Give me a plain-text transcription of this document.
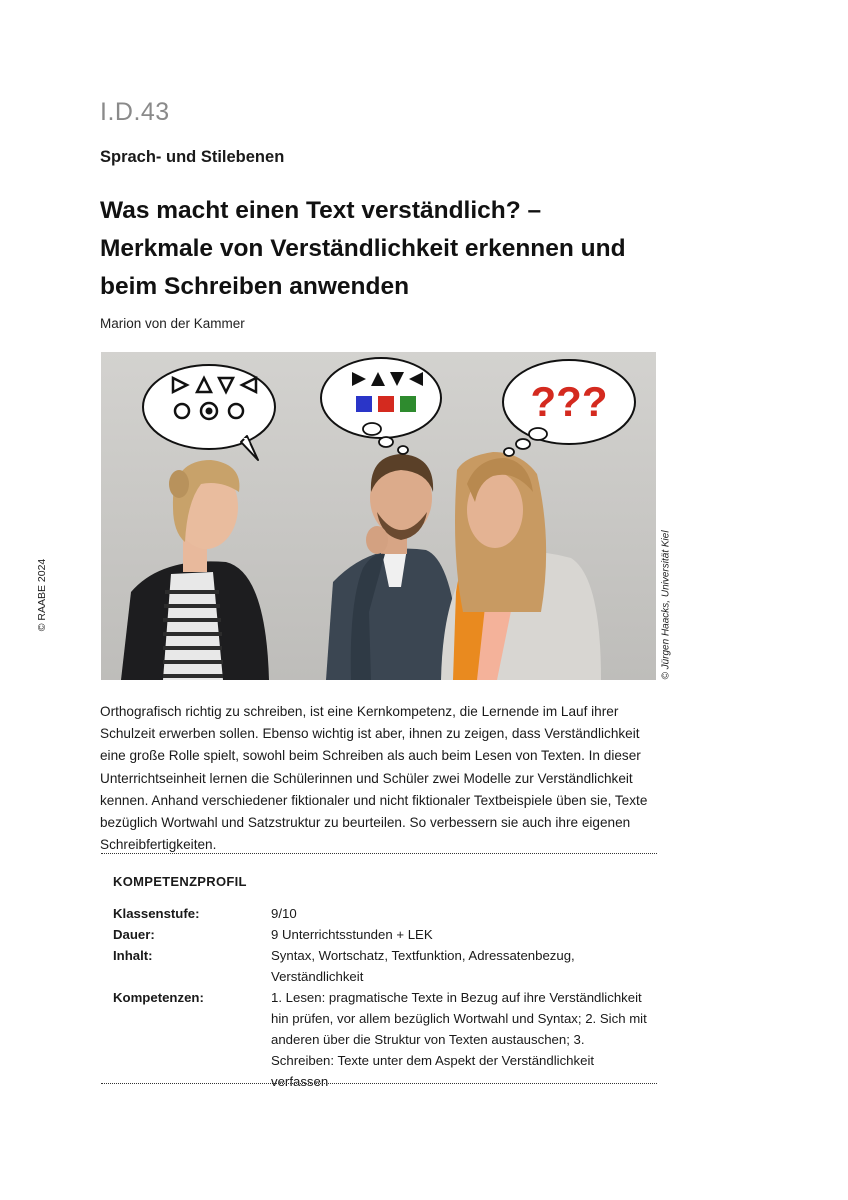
I.D.43
Sprach- und Stilebenen
Was macht einen Text verständlich? –
Merkmale von Verständlichkeit erkennen und
beim Schreiben anwenden
Marion von der Kammer
© RAABE 2024	© Jürgen Haacks, Universität Kiel
???

Orthografisch richtig zu schreiben, ist eine Kernkompetenz, die Lernende im Lauf ihrer Schulzeit erwerben sollen. Ebenso wichtig ist aber, ihnen zu zeigen, dass Verständlichkeit eine große Rolle spielt, sowohl beim Schreiben als auch beim Lesen von Texten. In dieser Unterrichtseinheit lernen die Schülerinnen und Schüler zwei Modelle zur Verständlichkeit kennen. Anhand verschiedener fiktionaler und nicht fiktionaler Textbeispiele üben sie, Texte bezüglich Wortwahl und Satzstruktur zu beurteilen. So verbessern sie auch ihre eigenen Schreibfertigkeiten.

KOMPETENZPROFIL
Klassenstufe:	9/10
Dauer:	9 Unterrichtsstunden + LEK
Inhalt:	Syntax, Wortschatz, Textfunktion, Adressatenbezug, Verständlichkeit
Kompetenzen:	1. Lesen: pragmatische Texte in Bezug auf ihre Verständlichkeit hin prüfen, vor allem bezüglich Wortwahl und Syntax; 2. Sich mit anderen über die Struktur von Texten austauschen; 3. Schreiben: Texte unter dem Aspekt der Verständlichkeit verfassen
